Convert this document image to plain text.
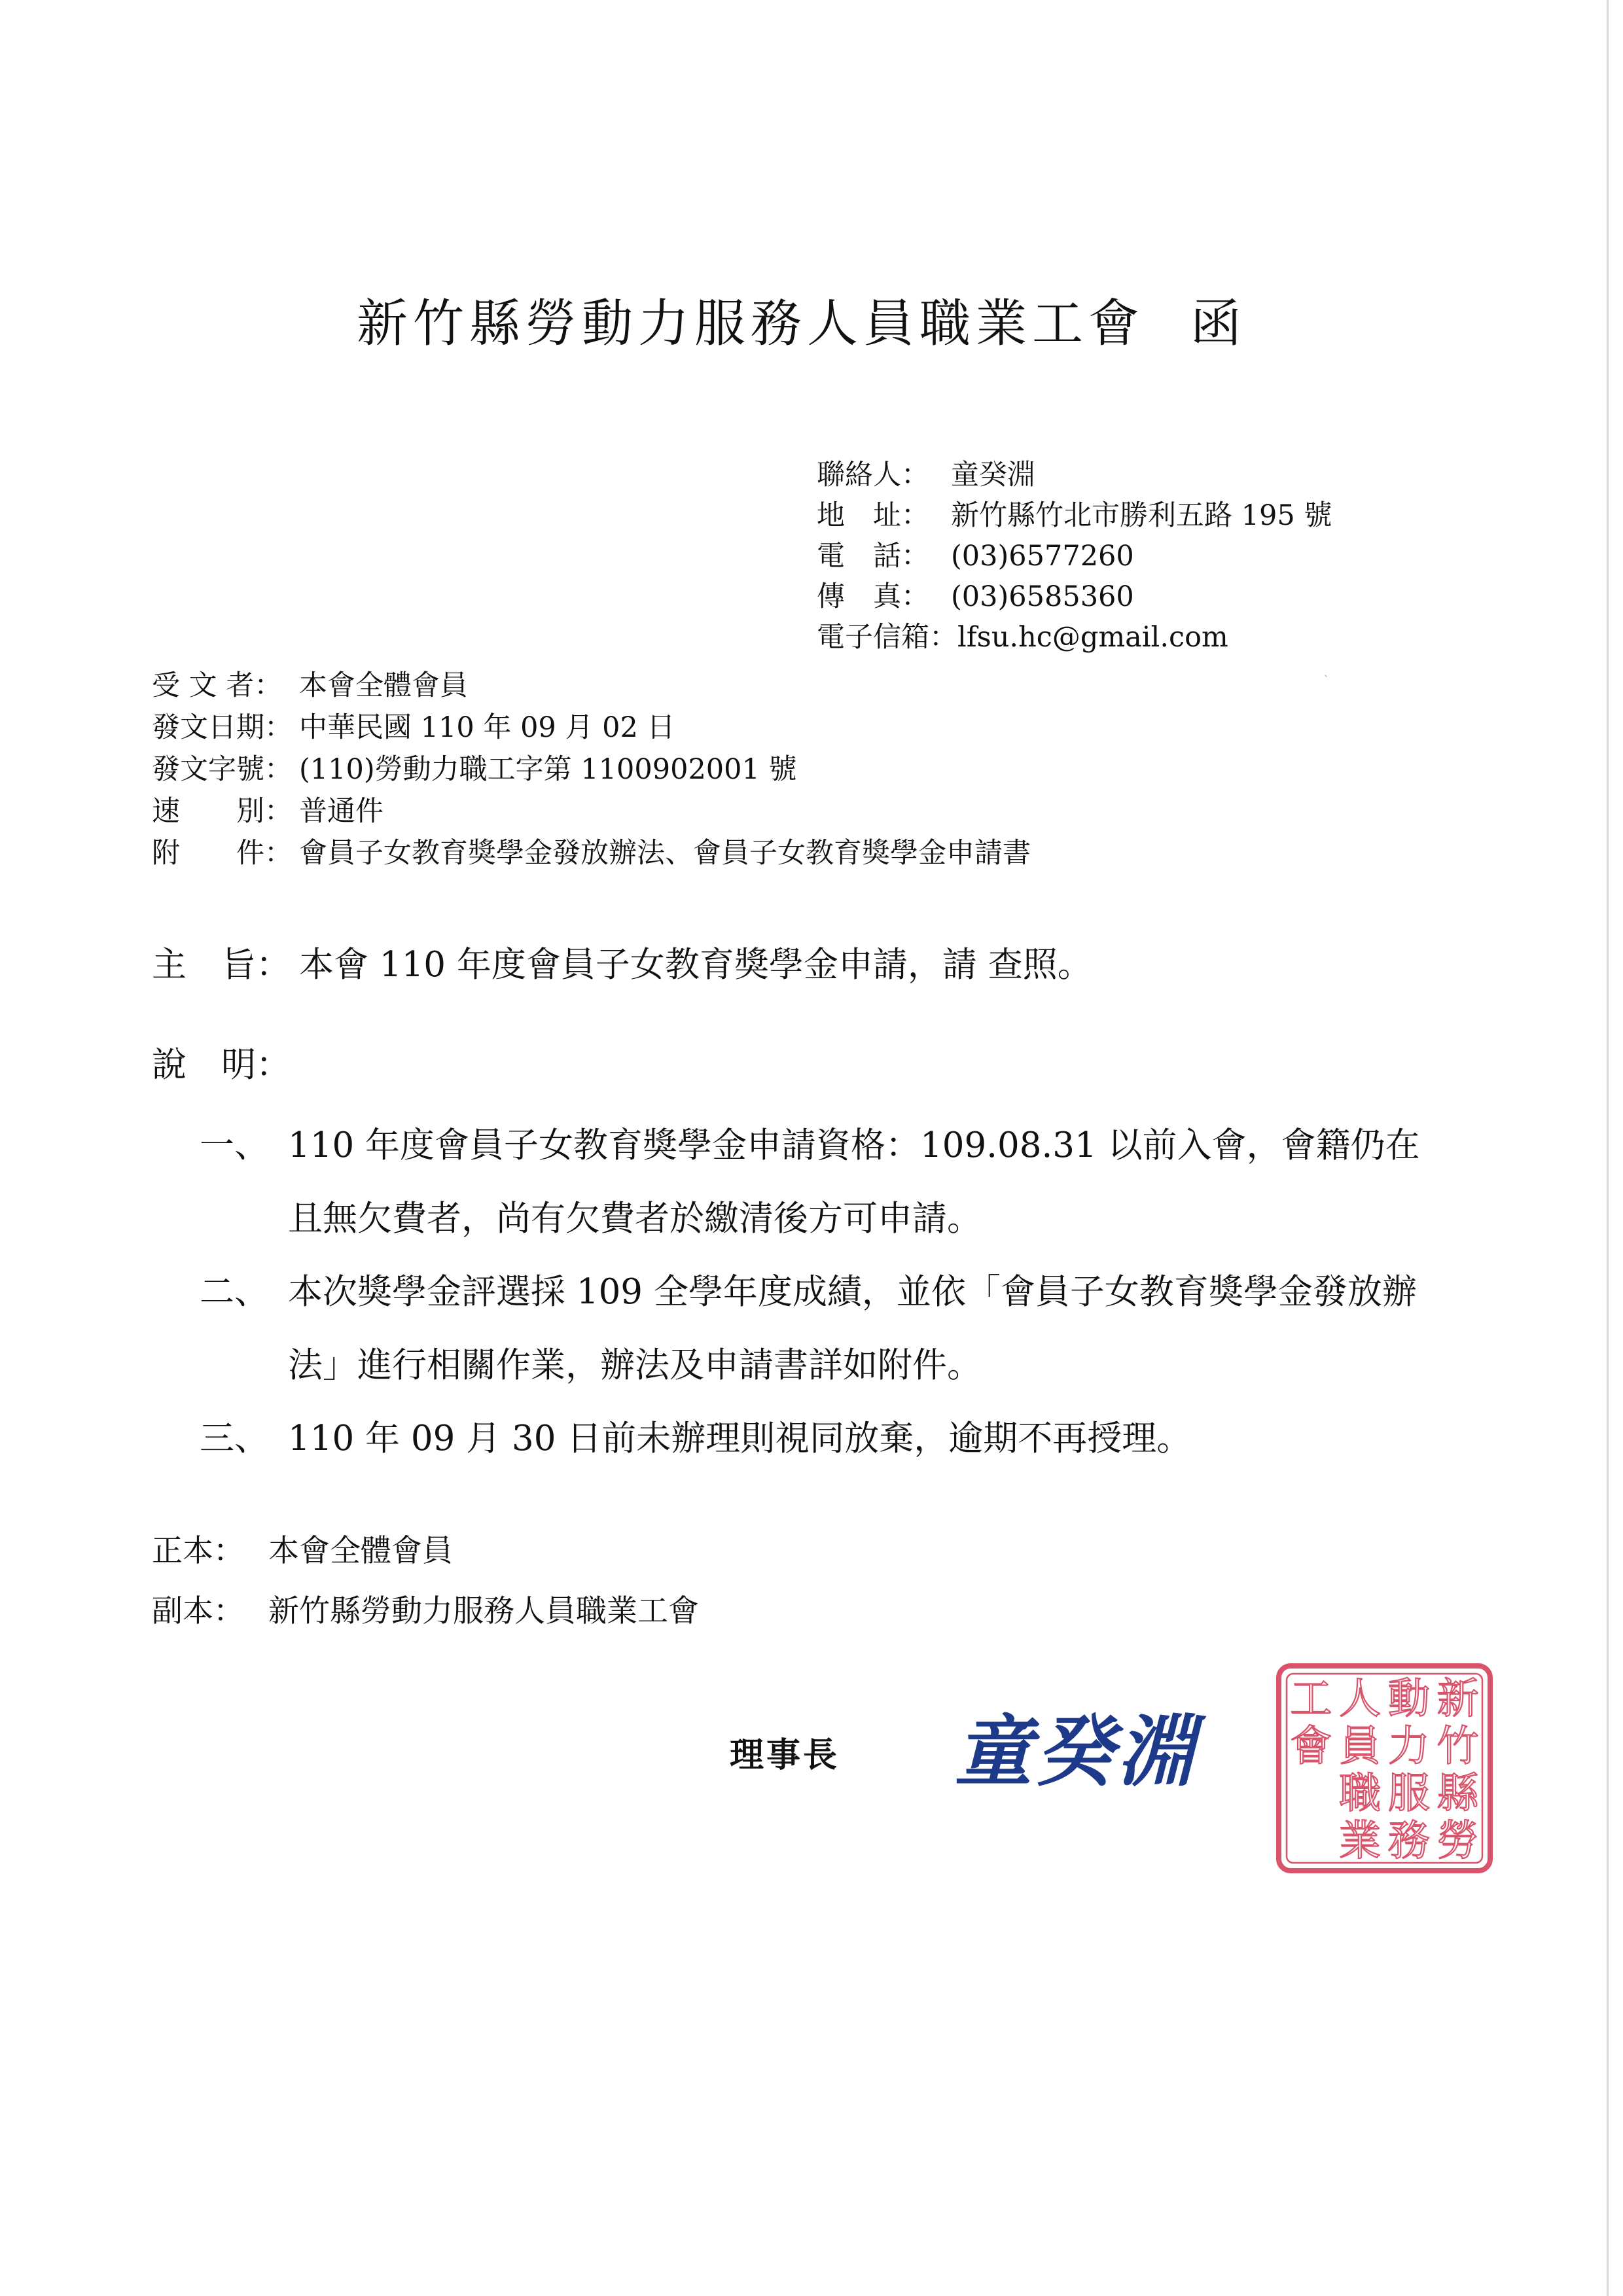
新竹縣勞動力服務人員職業工會 函
聯絡人： 童癸淵
地　址： 新竹縣竹北市勝利五路 195 號
電　話： (03)6577260
傳　真： (03)6585360
電子信箱：lfsu.hc@gmail.com
`
受 文 者： 本會全體會員
發文日期： 中華民國 110 年 09 月 02 日
發文字號： (110)勞動力職工字第 1100902001 號
速　　別： 普通件
附　　件： 會員子女教育獎學金發放辦法、會員子女教育獎學金申請書
主　旨： 本會 110 年度會員子女教育獎學金申請，請 查照。
說　明：
一、 110 年度會員子女教育獎學金申請資格：109.08.31 以前入會，會籍仍在且無欠費者，尚有欠費者於繳清後方可申請。
二、 本次獎學金評選採 109 全學年度成績，並依「會員子女教育獎學金發放辦法」進行相關作業，辦法及申請書詳如附件。
三、 110 年 09 月 30 日前未辦理則視同放棄，逾期不再授理。
正本： 本會全體會員
副本： 新竹縣勞動力服務人員職業工會
理事長 童癸淵
新
竹
縣
勞
動
力
服
務
人
員
職
業
工
會
